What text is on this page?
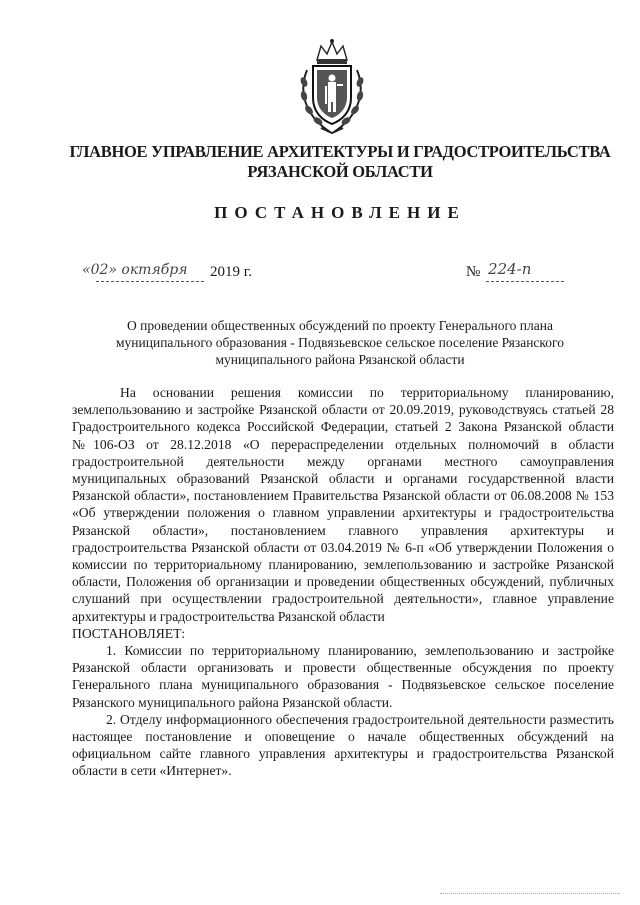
ГЛАВНОЕ УПРАВЛЕНИЕ АРХИТЕКТУРЫ И ГРАДОСТРОИТЕЛЬСТВА
РЯЗАНСКОЙ ОБЛАСТИ
ПОСТАНОВЛЕНИЕ
«02» октября 2019 г.	№ 224-п
О проведении общественных обсуждений по проекту Генерального плана муниципального образования - Подвязьевское сельское поселение Рязанского муниципального района Рязанской области

На основании решения комиссии по территориальному планированию, землепользованию и застройке Рязанской области от 20.09.2019, руководствуясь статьей 28 Градостроительного кодекса Российской Федерации, статьей 2 Закона Рязанской области №106-ОЗ от 28.12.2018 «О перераспределении отдельных полномочий в области градостроительной деятельности между органами местного самоуправления муниципальных образований Рязанской области и органами государственной власти Рязанской области», постановлением Правительства Рязанской области от 06.08.2008 № 153 «Об утверждении положения о главном управлении архитектуры и градостроительства Рязанской области», постановлением главного управления архитектуры и градостроительства Рязанской области от 03.04.2019 № 6-п «Об утверждении Положения о комиссии по территориальному планированию, землепользованию и застройке Рязанской области, Положения об организации и проведении общественных обсуждений, публичных слушаний при осуществлении градостроительной деятельности», главное управление архитектуры и градостроительства Рязанской области

ПОСТАНОВЛЯЕТ:

1. Комиссии по территориальному планированию, землепользованию и застройке Рязанской области организовать и провести общественные обсуждения по проекту Генерального плана муниципального образования - Подвязьевское сельское поселение Рязанского муниципального района Рязанской области.

2. Отделу информационного обеспечения градостроительной деятельности разместить настоящее постановление и оповещение о начале общественных обсуждений на официальном сайте главного управления архитектуры и градостроительства Рязанской области в сети «Интернет».
